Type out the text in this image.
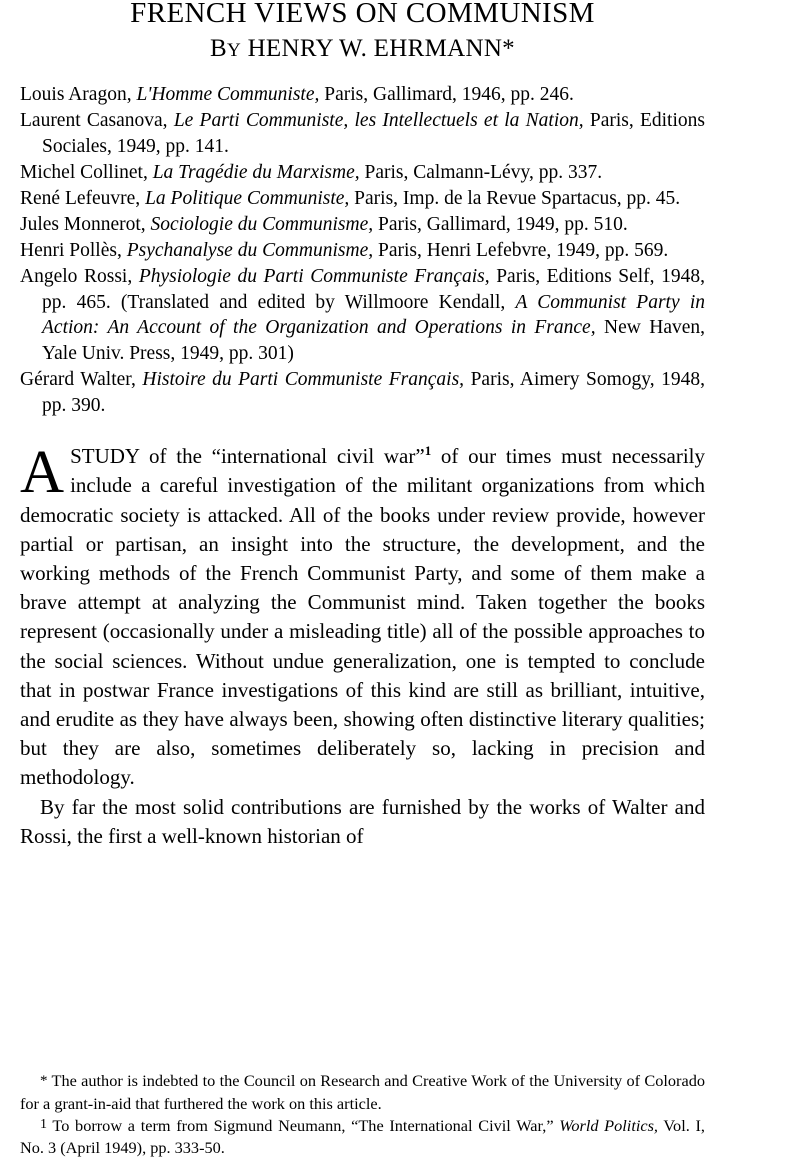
FRENCH VIEWS ON COMMUNISM
BY HENRY W. EHRMANN*

Louis Aragon, L'Homme Communiste, Paris, Gallimard, 1946, pp. 246.

Laurent Casanova, Le Parti Communiste, les Intellectuels et la Nation, Paris, Editions Sociales, 1949, pp. 141.

Michel Collinet, La Tragédie du Marxisme, Paris, Calmann-Lévy, pp. 337.

René Lefeuvre, La Politique Communiste, Paris, Imp. de la Revue Spartacus, pp. 45.

Jules Monnerot, Sociologie du Communisme, Paris, Gallimard, 1949, pp. 510.

Henri Pollès, Psychanalyse du Communisme, Paris, Henri Lefebvre, 1949, pp. 569.

Angelo Rossi, Physiologie du Parti Communiste Français, Paris, Editions Self, 1948, pp. 465. (Translated and edited by Willmoore Kendall, A Communist Party in Action: An Account of the Organization and Operations in France, New Haven, Yale Univ. Press, 1949, pp. 301)

Gérard Walter, Histoire du Parti Communiste Français, Paris, Aimery Somogy, 1948, pp. 390.

ASTUDY of the “international civil war”$^1$ of our times must necessarily include a careful investigation of the militant organizations from which democratic society is attacked. All of the books under review provide, however partial or partisan, an insight into the structure, the development, and the working methods of the French Communist Party, and some of them make a brave attempt at analyzing the Communist mind. Taken together the books represent (occasionally under a misleading title) all of the possible approaches to the social sciences. Without undue generalization, one is tempted to conclude that in postwar France investigations of this kind are still as brilliant, intuitive, and erudite as they have always been, showing often distinctive literary qualities; but they are also, sometimes deliberately so, lacking in precision and methodology.

By far the most solid contributions are furnished by the works of Walter and Rossi, the first a well-known historian of

* The author is indebted to the Council on Research and Creative Work of the University of Colorado for a grant-in-aid that furthered the work on this article.

1 To borrow a term from Sigmund Neumann, “The International Civil War,” World Politics, Vol. I, No. 3 (April 1949), pp. 333-50.
